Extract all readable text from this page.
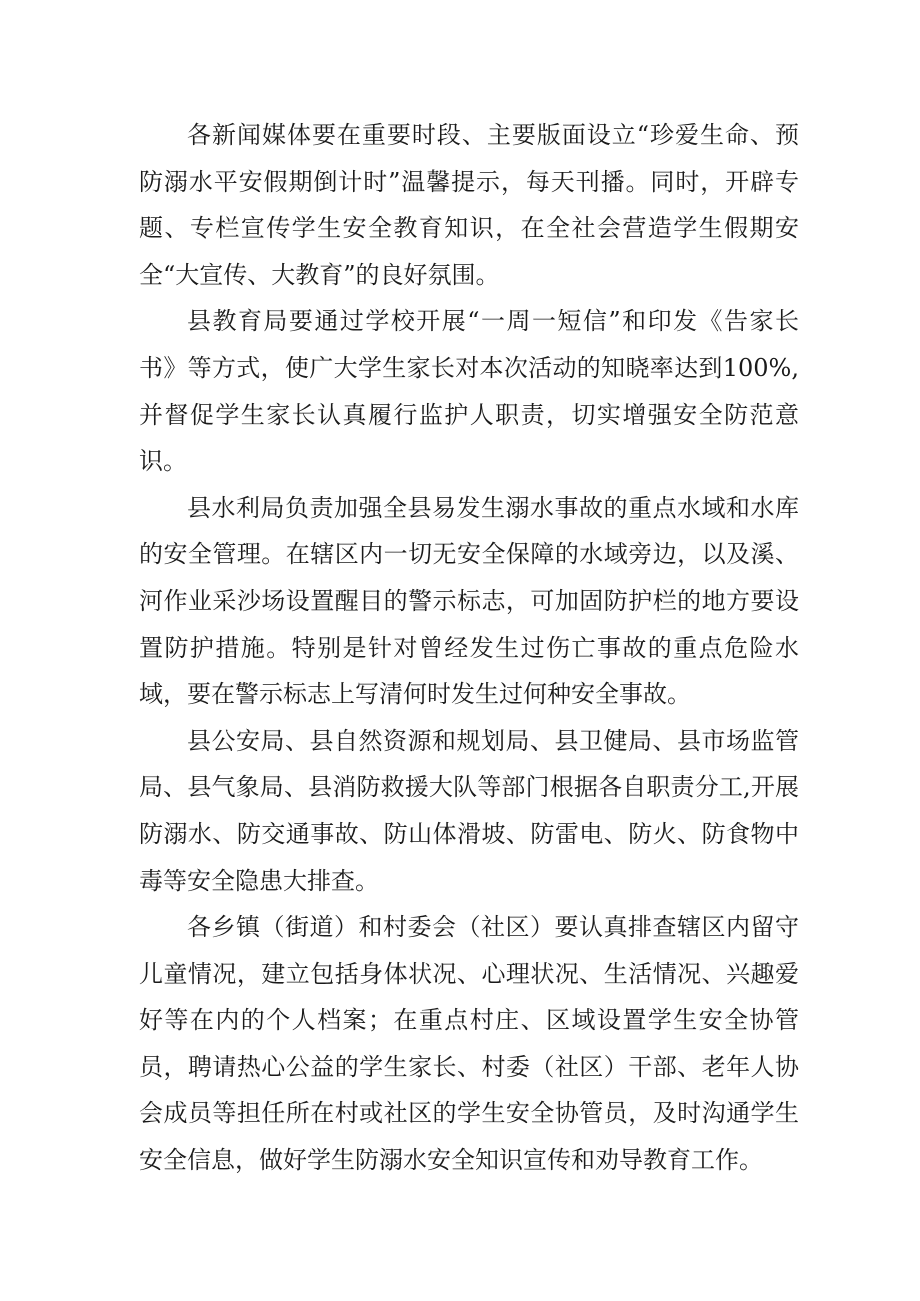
各新闻媒体要在重要时段、主要版面设立“珍爱生命、预防溺水平安假期倒计时”温馨提示，每天刊播。同时，开辟专题、专栏宣传学生安全教育知识，在全社会营造学生假期安全“大宣传、大教育”的良好氛围。

县教育局要通过学校开展“一周一短信”和印发《告家长书》等方式，使广大学生家长对本次活动的知晓率达到100%,并督促学生家长认真履行监护人职责，切实增强安全防范意识。

县水利局负责加强全县易发生溺水事故的重点水域和水库的安全管理。在辖区内一切无安全保障的水域旁边，以及溪、河作业采沙场设置醒目的警示标志，可加固防护栏的地方要设置防护措施。特别是针对曾经发生过伤亡事故的重点危险水域，要在警示标志上写清何时发生过何种安全事故。

县公安局、县自然资源和规划局、县卫健局、县市场监管局、县气象局、县消防救援大队等部门根据各自职责分工,开展防溺水、防交通事故、防山体滑坡、防雷电、防火、防食物中毒等安全隐患大排查。

各乡镇（街道）和村委会（社区）要认真排查辖区内留守儿童情况，建立包括身体状况、心理状况、生活情况、兴趣爱好等在内的个人档案；在重点村庄、区域设置学生安全协管员，聘请热心公益的学生家长、村委（社区）干部、老年人协会成员等担任所在村或社区的学生安全协管员，及时沟通学生安全信息，做好学生防溺水安全知识宣传和劝导教育工作。
